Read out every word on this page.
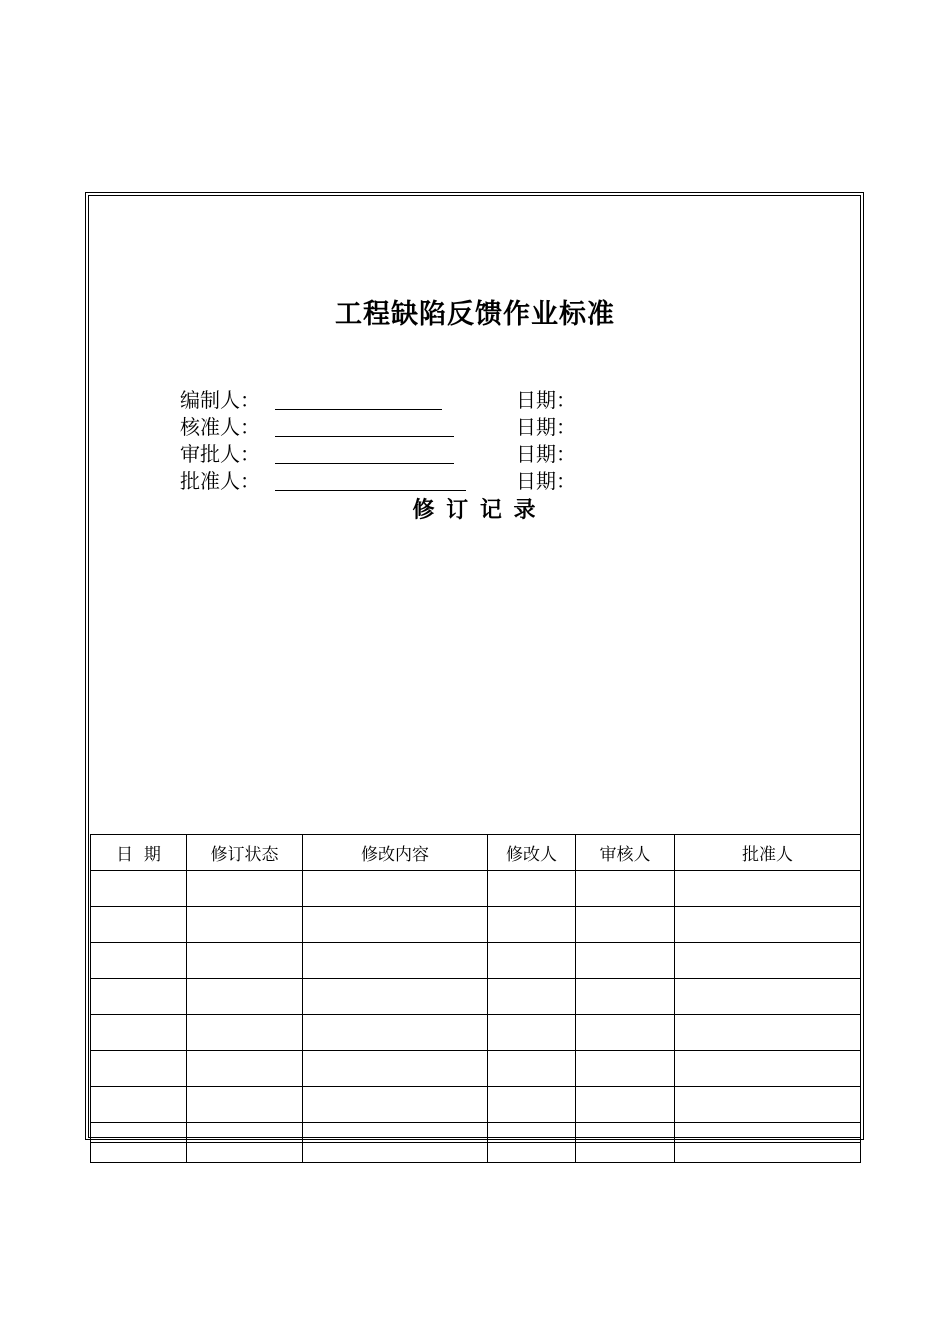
工程缺陷反馈作业标准
编制人：	日期：
核准人：	日期：
审批人：	日期：
批准人：	日期：
修 订 记 录
日  期	修订状态	修改内容	修改人	审核人	批准人
